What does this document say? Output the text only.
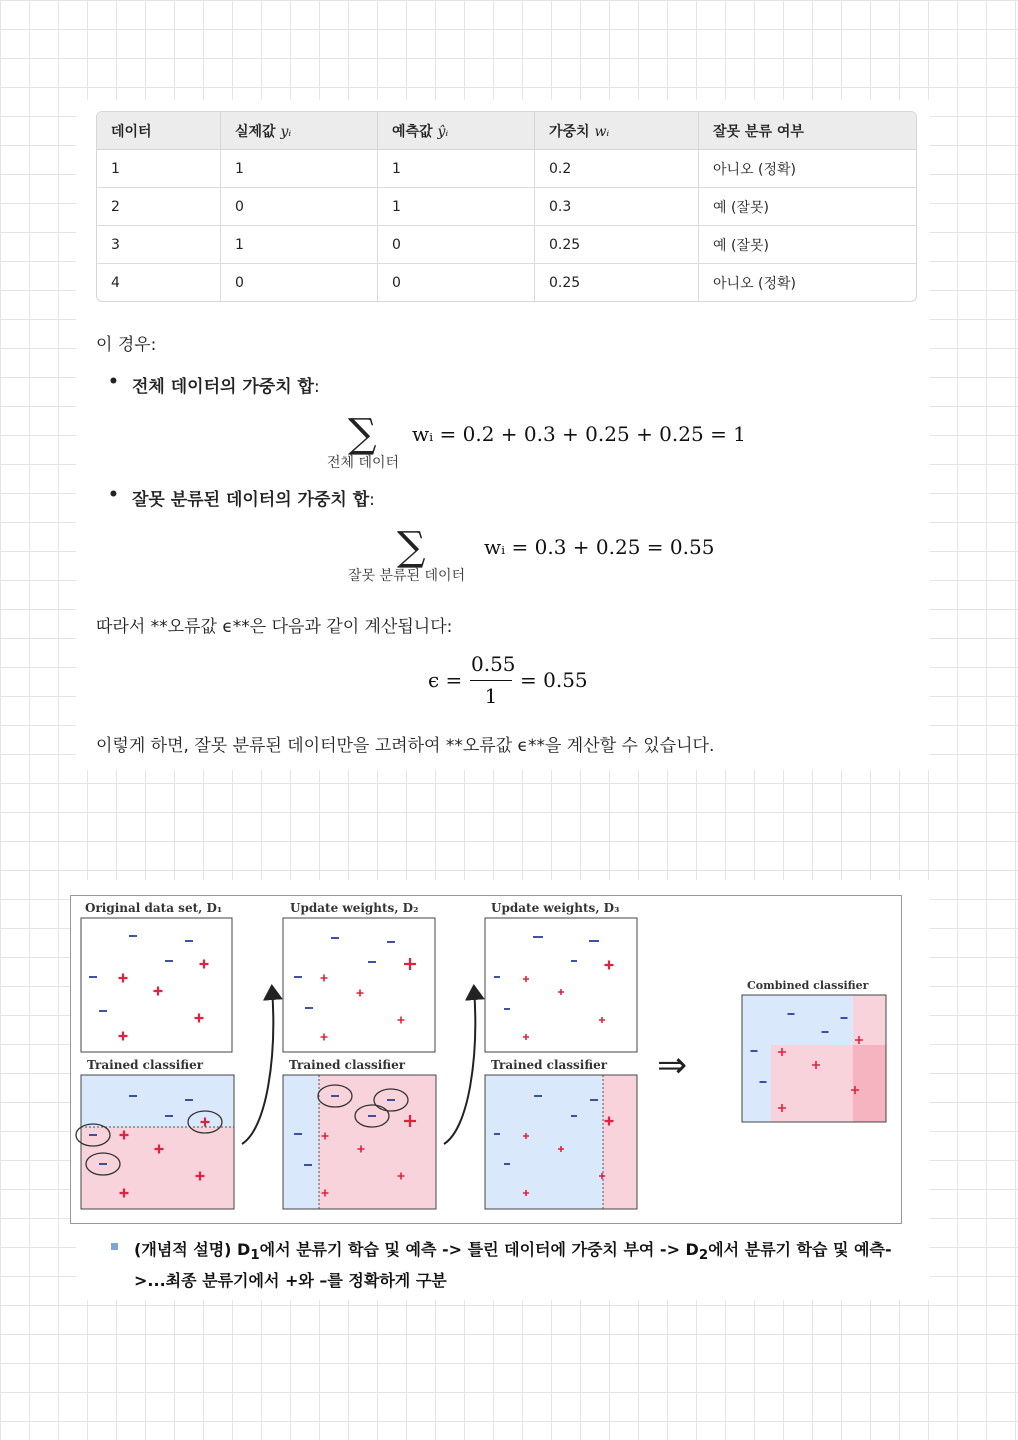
데이터	실제값 yᵢ	예측값 ŷᵢ	가중치 wᵢ	잘못 분류 여부
1	1	1	0.2	아니오 (정확)
2	0	1	0.3	예 (잘못)
3	1	0	0.25	예 (잘못)
4	0	0	0.25	아니오 (정확)
이 경우:
• 전체 데이터의 가중치 합:
∑
전체 데이터
wᵢ = 0.2 + 0.3 + 0.25 + 0.25 = 1
• 잘못 분류된 데이터의 가중치 합:
∑
잘못 분류된 데이터
wᵢ = 0.3 + 0.25 = 0.55
따라서 **오류값 ϵ**은 다음과 같이 계산됩니다:
ϵ =
0.55
1
= 0.55
이렇게 하면, 잘못 분류된 데이터만을 고려하여 **오류값 ϵ**을 계산할 수 있습니다.
Original data set, D₁	Update weights, D₂	Update weights, D₃
Trained classifier	Trained classifier	Trained classifier
Combined classifier
⇒
(개념적 설명) $D_1$에서 분류기 학습 및 예측 -> 틀린 데이터에 가중치 부여 -> $D_2$에서 분류기 학습 및 예측->...최종 분류기에서 +와 –를 정확하게 구분
